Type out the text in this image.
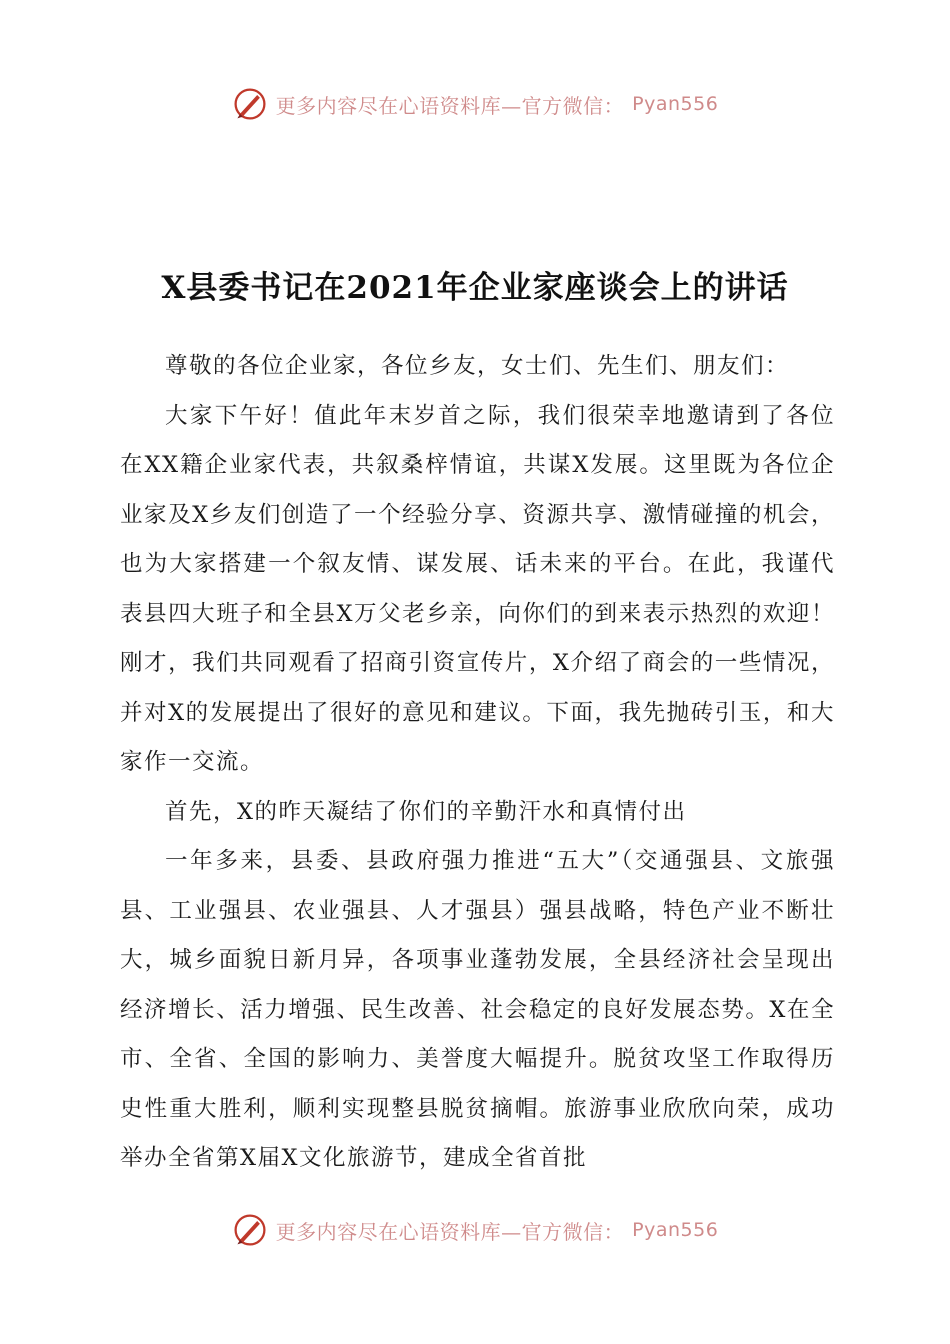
更多内容尽在心语资料库—官方微信： Pyan556
X县委书记在2021年企业家座谈会上的讲话

尊敬的各位企业家，各位乡友，女士们、先生们、朋友们：

大家下午好！值此年末岁首之际，我们很荣幸地邀请到了各位在XX籍企业家代表，共叙桑梓情谊，共谋X发展。这里既为各位企业家及X乡友们创造了一个经验分享、资源共享、激情碰撞的机会，也为大家搭建一个叙友情、谋发展、话未来的平台。在此，我谨代表县四大班子和全县X万父老乡亲，向你们的到来表示热烈的欢迎！刚才，我们共同观看了招商引资宣传片，X介绍了商会的一些情况，并对X的发展提出了很好的意见和建议。下面，我先抛砖引玉，和大家作一交流。

首先，X的昨天凝结了你们的辛勤汗水和真情付出

一年多来，县委、县政府强力推进“五大”（交通强县、文旅强县、工业强县、农业强县、人才强县）强县战略，特色产业不断壮大，城乡面貌日新月异，各项事业蓬勃发展，全县经济社会呈现出经济增长、活力增强、民生改善、社会稳定的良好发展态势。X在全市、全省、全国的影响力、美誉度大幅提升。脱贫攻坚工作取得历史性重大胜利，顺利实现整县脱贫摘帽。旅游事业欣欣向荣，成功举办全省第X届X文化旅游节，建成全省首批

更多内容尽在心语资料库—官方微信： Pyan556
